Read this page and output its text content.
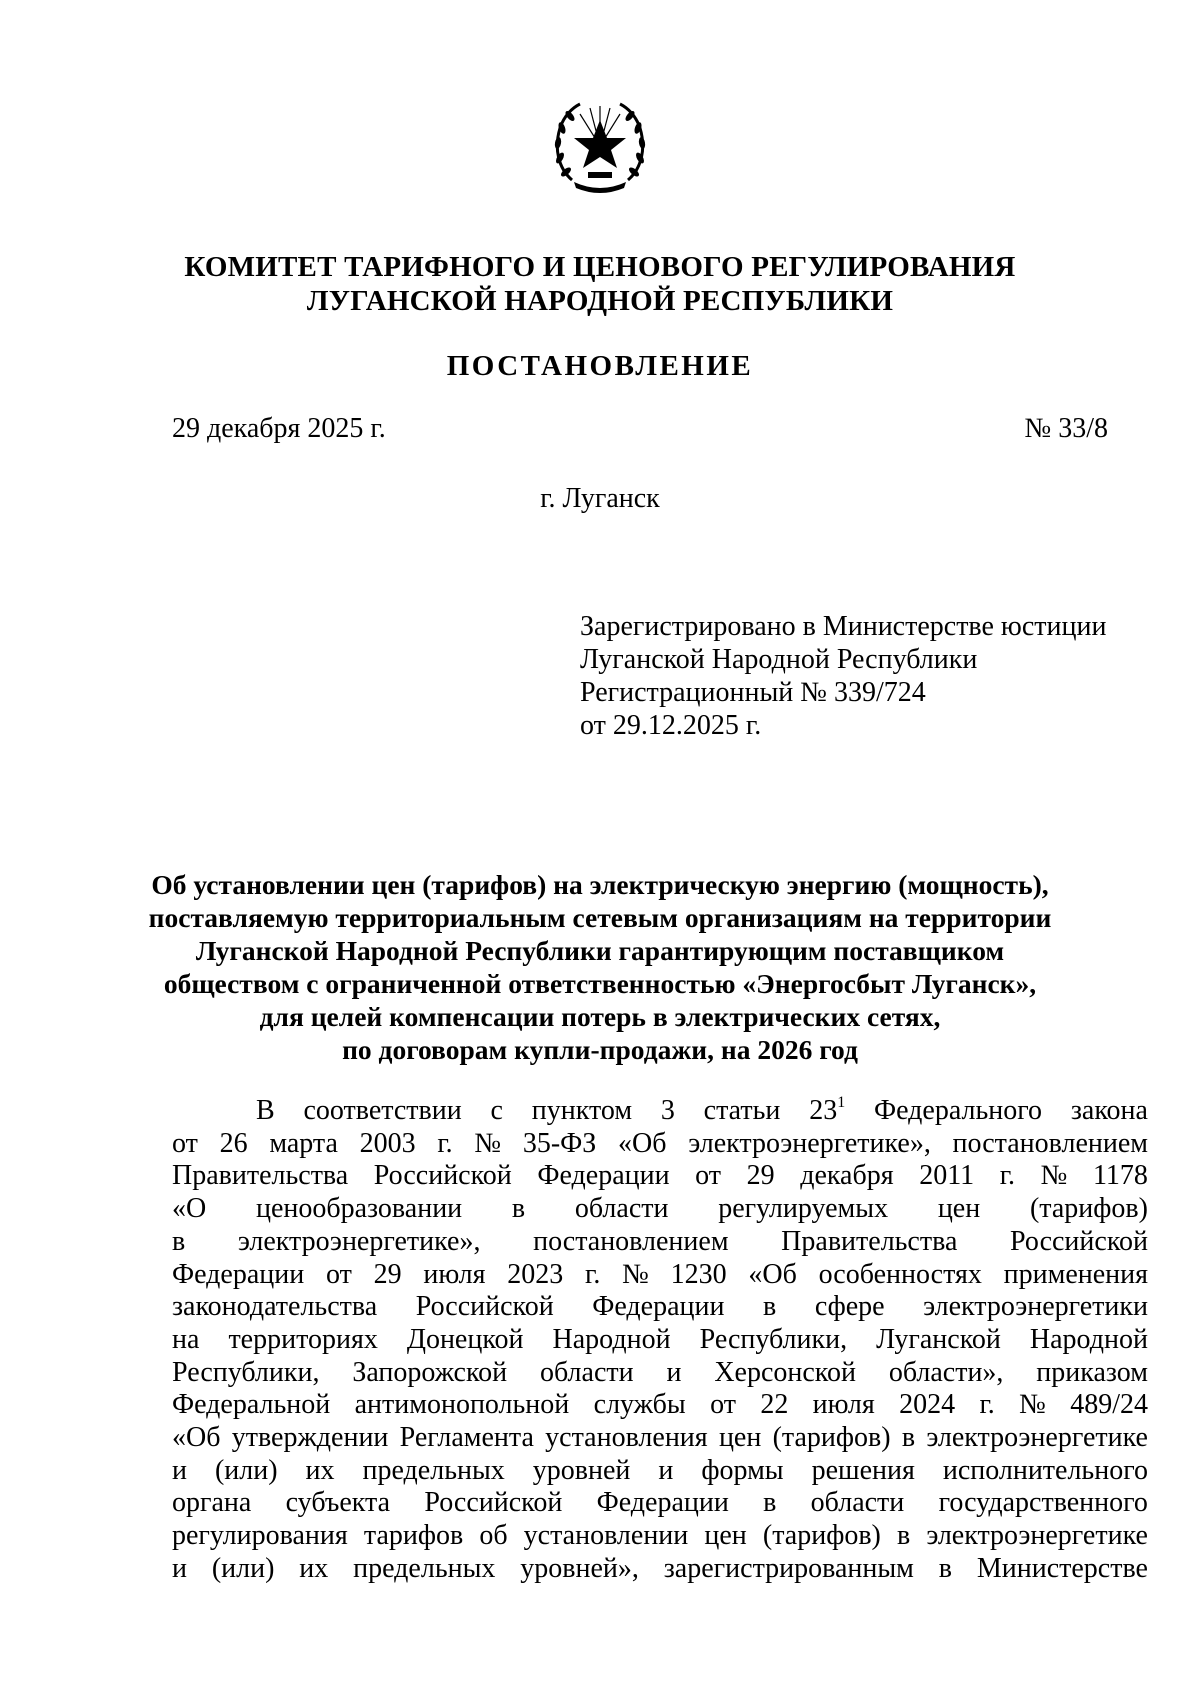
КОМИТЕТ ТАРИФНОГО И ЦЕНОВОГО РЕГУЛИРОВАНИЯ
ЛУГАНСКОЙ НАРОДНОЙ РЕСПУБЛИКИ
ПОСТАНОВЛЕНИЕ
29 декабря 2025 г.	№ 33/8
г. Луганск
Зарегистрировано в Министерстве юстиции
Луганской Народной Республики
Регистрационный № 339/724
от 29.12.2025 г.
Об установлении цен (тарифов) на электрическую энергию (мощность),
поставляемую территориальным сетевым организациям на территории
Луганской Народной Республики гарантирующим поставщиком
обществом с ограниченной ответственностью «Энергосбыт Луганск»,
для целей компенсации потерь в электрических сетях,
по договорам купли-продажи, на 2026 год
В соответствии с пунктом 3 статьи $23^1$ Федерального закона
от 26 марта 2003 г. № 35-ФЗ «Об электроэнергетике», постановлением
Правительства Российской Федерации от 29 декабря 2011 г. № 1178
«О ценообразовании в области регулируемых цен (тарифов)
в электроэнергетике», постановлением Правительства Российской
Федерации от 29 июля 2023 г. № 1230 «Об особенностях применения
законодательства Российской Федерации в сфере электроэнергетики
на территориях Донецкой Народной Республики, Луганской Народной
Республики, Запорожской области и Херсонской области», приказом
Федеральной антимонопольной службы от 22 июля 2024 г. № 489/24
«Об утверждении Регламента установления цен (тарифов) в электроэнергетике
и (или) их предельных уровней и формы решения исполнительного
органа субъекта Российской Федерации в области государственного
регулирования тарифов об установлении цен (тарифов) в электроэнергетике
и (или) их предельных уровней», зарегистрированным в Министерстве
